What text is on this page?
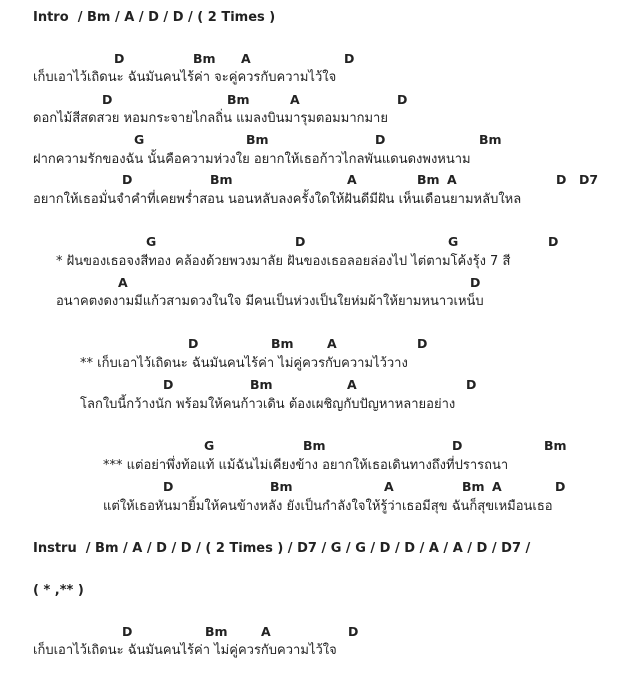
Intro / Bm / A / D / D / ( 2 Times )
D	Bm A	D
เก็บเอาไว้เถิดนะ ฉันมันคนไร้ค่า จะคู่ควรกับความไว้ใจ
D	Bm	A	D
ดอกไม้สีสดสวย หอมกระจายไกลถิ่น แมลงบินมารุมตอมมากมาย
G	Bm	D	Bm
ฝากความรักของฉัน นั้นคือความห่วงใย อยากให้เธอก้าวไกลพันแดนดงพงหนาม
D	Bm	A	Bm A	D D7
อยากให้เธอมั่นจำคำที่เคยพร่ำสอน นอนหลับลงครั้งใดให้ฝันดีมีฝัน เห็นเดือนยามหลับใหล
G	D	G	D
* ฝันของเธอจงสีทอง คล้องด้วยพวงมาลัย ฝันของเธอลอยล่องไป ไต่ตามโค้งรุ้ง 7 สี
A	D
อนาคตงดงามมีแก้วสามดวงในใจ มีคนเป็นห่วงเป็นใยห่มผ้าให้ยามหนาวเหน็บ
D	Bm	A	D
** เก็บเอาไว้เถิดนะ ฉันมันคนไร้ค่า ไม่คู่ควรกับความไว้วาง
D	Bm	A	D
โลกใบนี้กว้างนัก พร้อมให้คนก้าวเดิน ต้องเผชิญกับปัญหาหลายอย่าง
G	Bm	D	Bm
*** แต่อย่าพึ่งท้อแท้ แม้ฉันไม่เคียงข้าง อยากให้เธอเดินทางถึงที่ปรารถนา
D	Bm	A	Bm A	D
แต่ให้เธอหันมายิ้มให้คนข้างหลัง ยังเป็นกำลังใจให้รู้ว่าเธอมีสุข ฉันก็สุขเหมือนเธอ
Instru / Bm / A / D / D / ( 2 Times ) / D7 / G / G / D / D / A / A / D / D7 /
( * ,** )
D	Bm	A	D
เก็บเอาไว้เถิดนะ ฉันมันคนไร้ค่า ไม่คู่ควรกับความไว้ใจ
